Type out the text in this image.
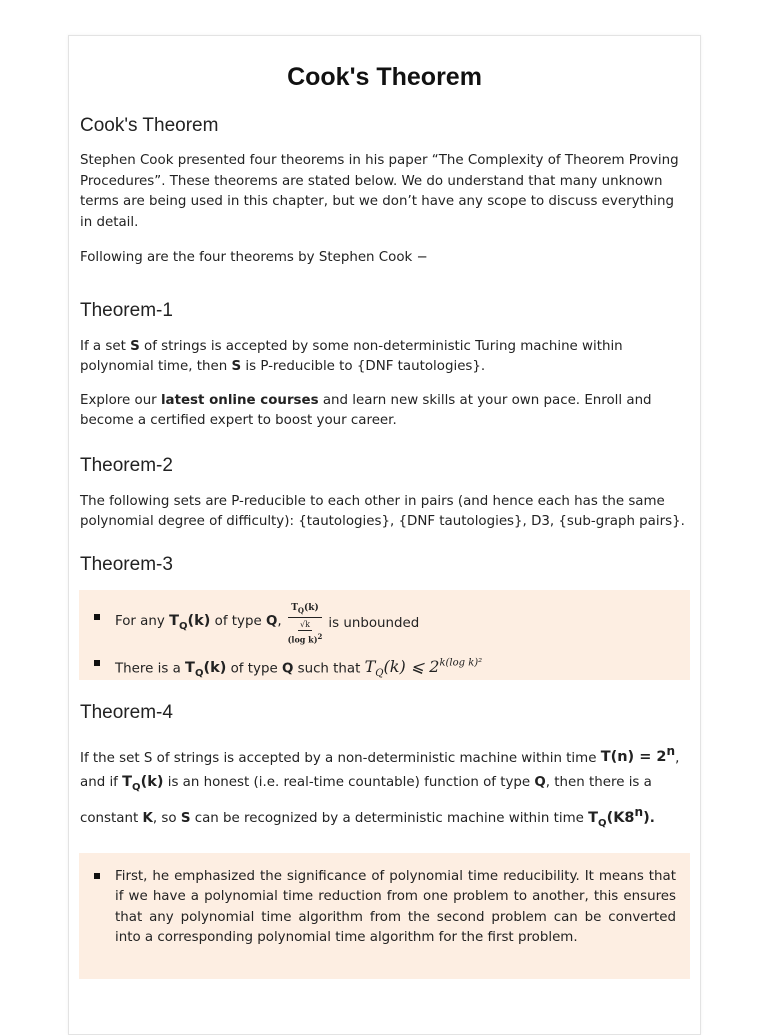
Cook's Theorem
Cook's Theorem

Stephen Cook presented four theorems in his paper “The Complexity of Theorem Proving Procedures”. These theorems are stated below. We do understand that many unknown terms are being used in this chapter, but we don’t have any scope to discuss everything in detail.

Following are the four theorems by Stephen Cook −

Theorem-1

If a set S of strings is accepted by some non-deterministic Turing machine within polynomial time, then S is P-reducible to {DNF tautologies}.

Explore our latest online courses and learn new skills at your own pace. Enroll and become a certified expert to boost your career.

Theorem-2

The following sets are P-reducible to each other in pairs (and hence each has the same polynomial degree of difficulty): {tautologies}, {DNF tautologies}, D3, {sub-graph pairs}.

Theorem-3
For any $T_Q(k)$ of type Q, $\frac{T_Q(k)}{\frac{√k}{(\log k)^2}}$ is unbounded
There is a $T_Q(k)$ of type Q such that $T_Q(k)$ ⩽ $2^{k(log k)^2}$
Theorem-4

If the set S of strings is accepted by a non-deterministic machine within time $T(n) = 2^n$, and if $T_Q(k)$ is an honest (i.e. real-time countable) function of type Q, then there is a constant K, so S can be recognized by a deterministic machine within time $T_Q(K8^n)$.

First, he emphasized the significance of polynomial time reducibility. It means that if we have a polynomial time reduction from one problem to another, this ensures that any polynomial time algorithm from the second problem can be converted into a corresponding polynomial time algorithm for the first problem.
